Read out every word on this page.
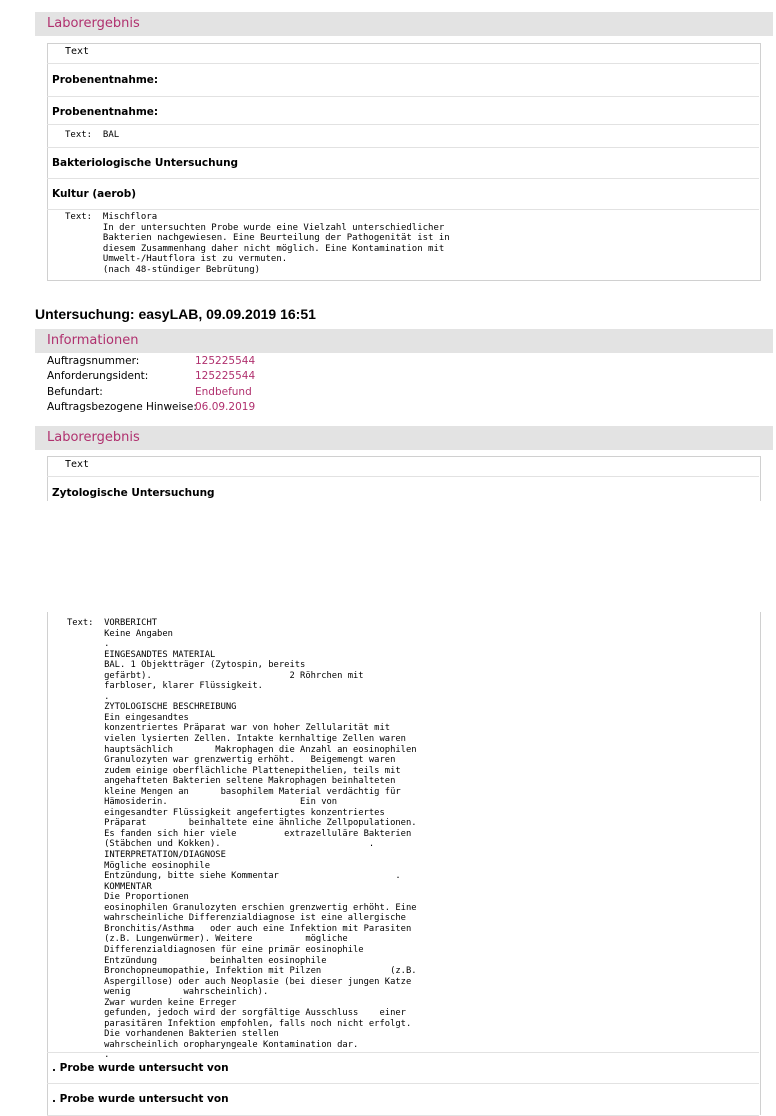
Laborergebnis
Text
Probenentnahme:
Probenentnahme:
Text:  BAL
Bakteriologische Untersuchung
Kultur (aerob)
Text:  Mischflora
In der untersuchten Probe wurde eine Vielzahl unterschiedlicher
Bakterien nachgewiesen. Eine Beurteilung der Pathogenität ist in
diesem Zusammenhang daher nicht möglich. Eine Kontamination mit
Umwelt-/Hautflora ist zu vermuten.
(nach 48-stündiger Bebrütung)
Untersuchung: easyLAB, 09.09.2019 16:51
Informationen
Auftragsnummer:	125225544
Anforderungsident:	125225544
Befundart:	Endbefund
Auftragsbezogene Hinweise:
06.09.2019
Laborergebnis
Text
Zytologische Untersuchung
Text:  VORBERICHT
Keine Angaben
.
EINGESANDTES MATERIAL
BAL. 1 Objektträger (Zytospin, bereits
gefärbt).                          2 Röhrchen mit
farbloser, klarer Flüssigkeit.
.
ZYTOLOGISCHE BESCHREIBUNG
Ein eingesandtes
konzentriertes Präparat war von hoher Zellularität mit
vielen lysierten Zellen. Intakte kernhaltige Zellen waren
hauptsächlich        Makrophagen die Anzahl an eosinophilen
Granulozyten war grenzwertig erhöht.   Beigemengt waren
zudem einige oberflächliche Plattenepithelien, teils mit
angehafteten Bakterien seltene Makrophagen beinhalteten
kleine Mengen an      basophilem Material verdächtig für
Hämosiderin.                         Ein von
eingesandter Flüssigkeit angefertigtes konzentriertes
Präparat        beinhaltete eine ähnliche Zellpopulationen.
Es fanden sich hier viele         extrazelluläre Bakterien
(Stäbchen und Kokken).                            .
INTERPRETATION/DIAGNOSE
Mögliche eosinophile
Entzündung, bitte siehe Kommentar                      .
KOMMENTAR
Die Proportionen
eosinophilen Granulozyten erschien grenzwertig erhöht. Eine
wahrscheinliche Differenzialdiagnose ist eine allergische
Bronchitis/Asthma   oder auch eine Infektion mit Parasiten
(z.B. Lungenwürmer). Weitere          mögliche
Differenzialdiagnosen für eine primär eosinophile
Entzündung          beinhalten eosinophile
Bronchopneumopathie, Infektion mit Pilzen             (z.B.
Aspergillose) oder auch Neoplasie (bei dieser jungen Katze
wenig          wahrscheinlich).
Zwar wurden keine Erreger
gefunden, jedoch wird der sorgfältige Ausschluss    einer
parasitären Infektion empfohlen, falls noch nicht erfolgt.
Die vorhandenen Bakterien stellen
wahrscheinlich oropharyngeale Kontamination dar.
.
. Probe wurde untersucht von
. Probe wurde untersucht von
